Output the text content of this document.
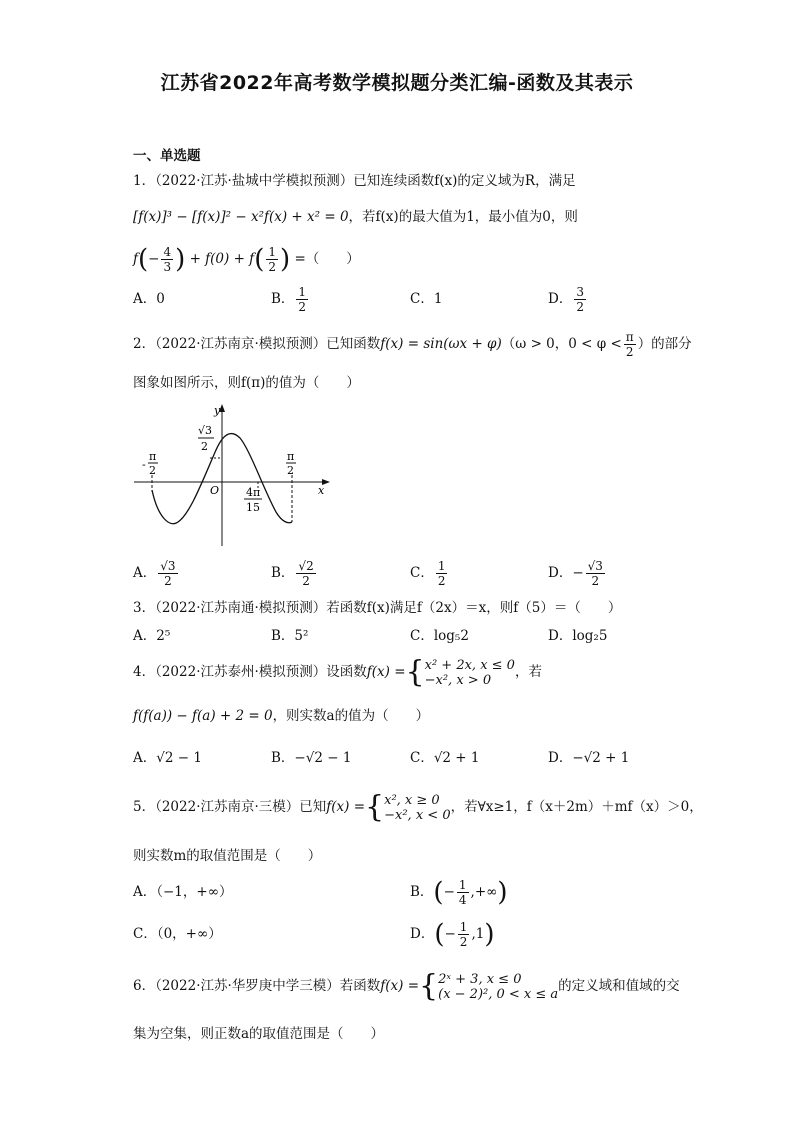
江苏省2022年高考数学模拟题分类汇编-函数及其表示
一、单选题
1．（2022·江苏·盐城中学模拟预测）已知连续函数f(x)的定义域为R，满足
[f(x)]³ − [f(x)]² − x²f(x) + x² = 0，若f(x)的最大值为1，最小值为0，则
$f(- \frac{4}{3}$ ) + $f(0) + f( \frac{1}{2}$ ) =（　　）
A．0	B． $\frac{1}{2}$	C．1	D． $\frac{3}{2}$
2．（2022·江苏南京·模拟预测）已知函数f(x) = sin(ωx + φ)（ω > 0，$0 < \varphi < \frac{\pi}{2}$ ）的部分
图象如图所示，则f(π)的值为（　　）
y
x
O
√3
2
-
π
2
π
2
4π
15
A． $\frac{√3}{2}$	B． $\frac{√2}{2}$	C． $\frac{1}{2}$	D．− $\frac{√3}{2}$
3．（2022·江苏南通·模拟预测）若函数f(x)满足f（2x）＝x，则f（5）＝（　　）
A．2⁵	B．5²	C．log₅2	D．log₂5
4．（2022·江苏泰州·模拟预测）设函数f(x) ={ x² + 2x, x ≤ 0
−x², x > 0	，若
f(f(a)) − f(a) + 2 = 0，则实数a的值为（　　）
A．√2 − 1	B．−√2 − 1	C．√2 + 1	D．−√2 + 1
5．（2022·江苏南京·三模）已知f(x) ={ x², x ≥ 0
−x², x < 0 ，若∀x≥1，f（x＋2m）＋mf（x）＞0，
则实数m的取值范围是（　　）
A．（−1，+∞）	B．(− $\frac{1}{4}$ ,+∞)
C．（0，+∞）	D．(− $\frac{1}{2} ,1$)
6．（2022·江苏·华罗庚中学三模）若函数f(x) ={ 2ˣ + 3, x ≤ 0
(x − 2)², 0 < x ≤ a 的定义域和值域的交
集为空集，则正数a的取值范围是（　　）
